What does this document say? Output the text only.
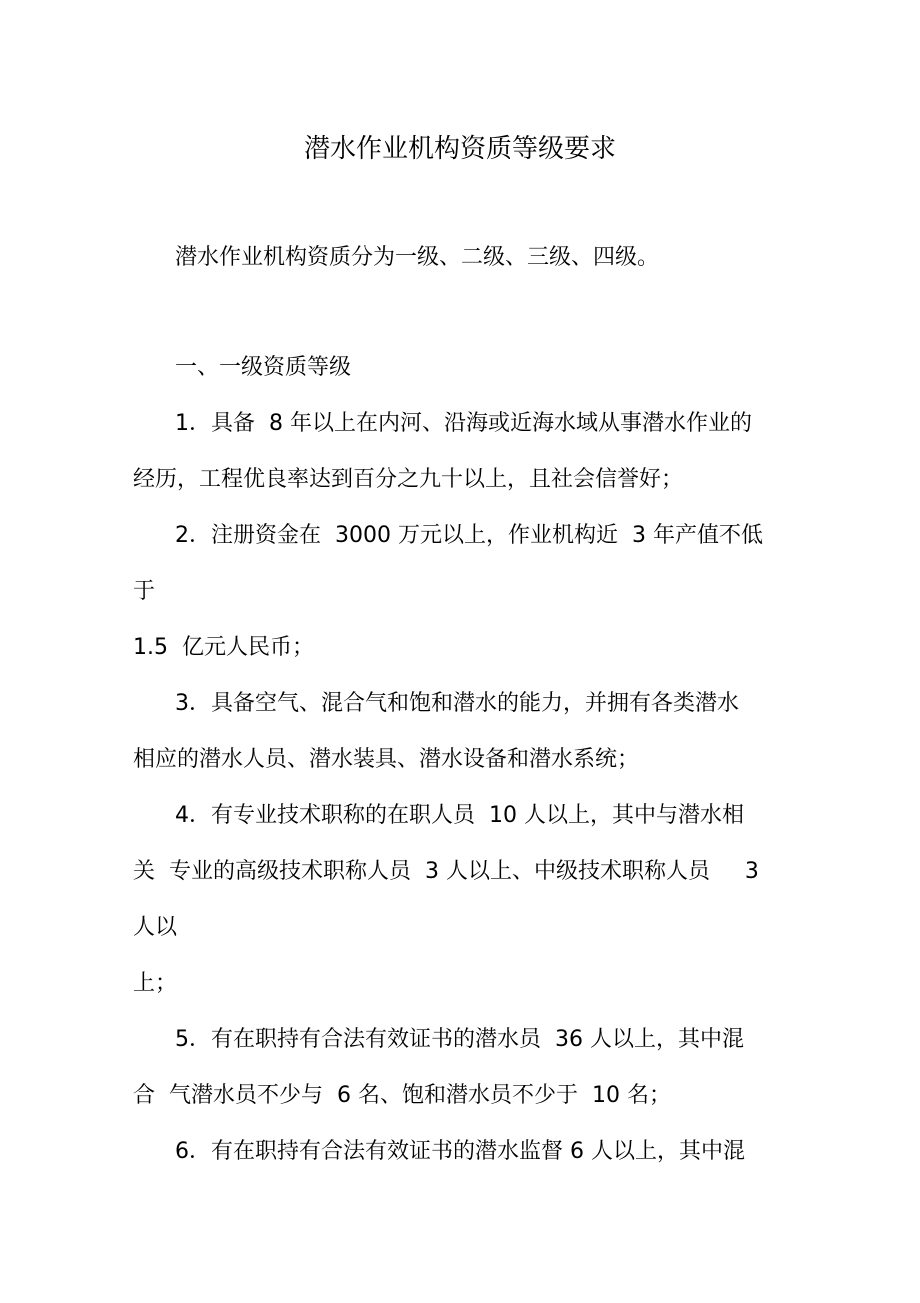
潜水作业机构资质等级要求
潜水作业机构资质分为一级、二级、三级、四级。
一、一级资质等级
1．具备  8 年以上在内河、沿海或近海水域从事潜水作业的
经历，工程优良率达到百分之九十以上，且社会信誉好；
2．注册资金在  3000 万元以上，作业机构近  3 年产值不低
于
1.5  亿元人民币；
3．具备空气、混合气和饱和潜水的能力，并拥有各类潜水
相应的潜水人员、潜水装具、潜水设备和潜水系统；
4．有专业技术职称的在职人员  10 人以上，其中与潜水相
关  专业的高级技术职称人员  3 人以上、中级技术职称人员     3
人以
上；
5．有在职持有合法有效证书的潜水员  36 人以上，其中混
合  气潜水员不少与  6 名、饱和潜水员不少于  10 名；
6．有在职持有合法有效证书的潜水监督 6 人以上，其中混
